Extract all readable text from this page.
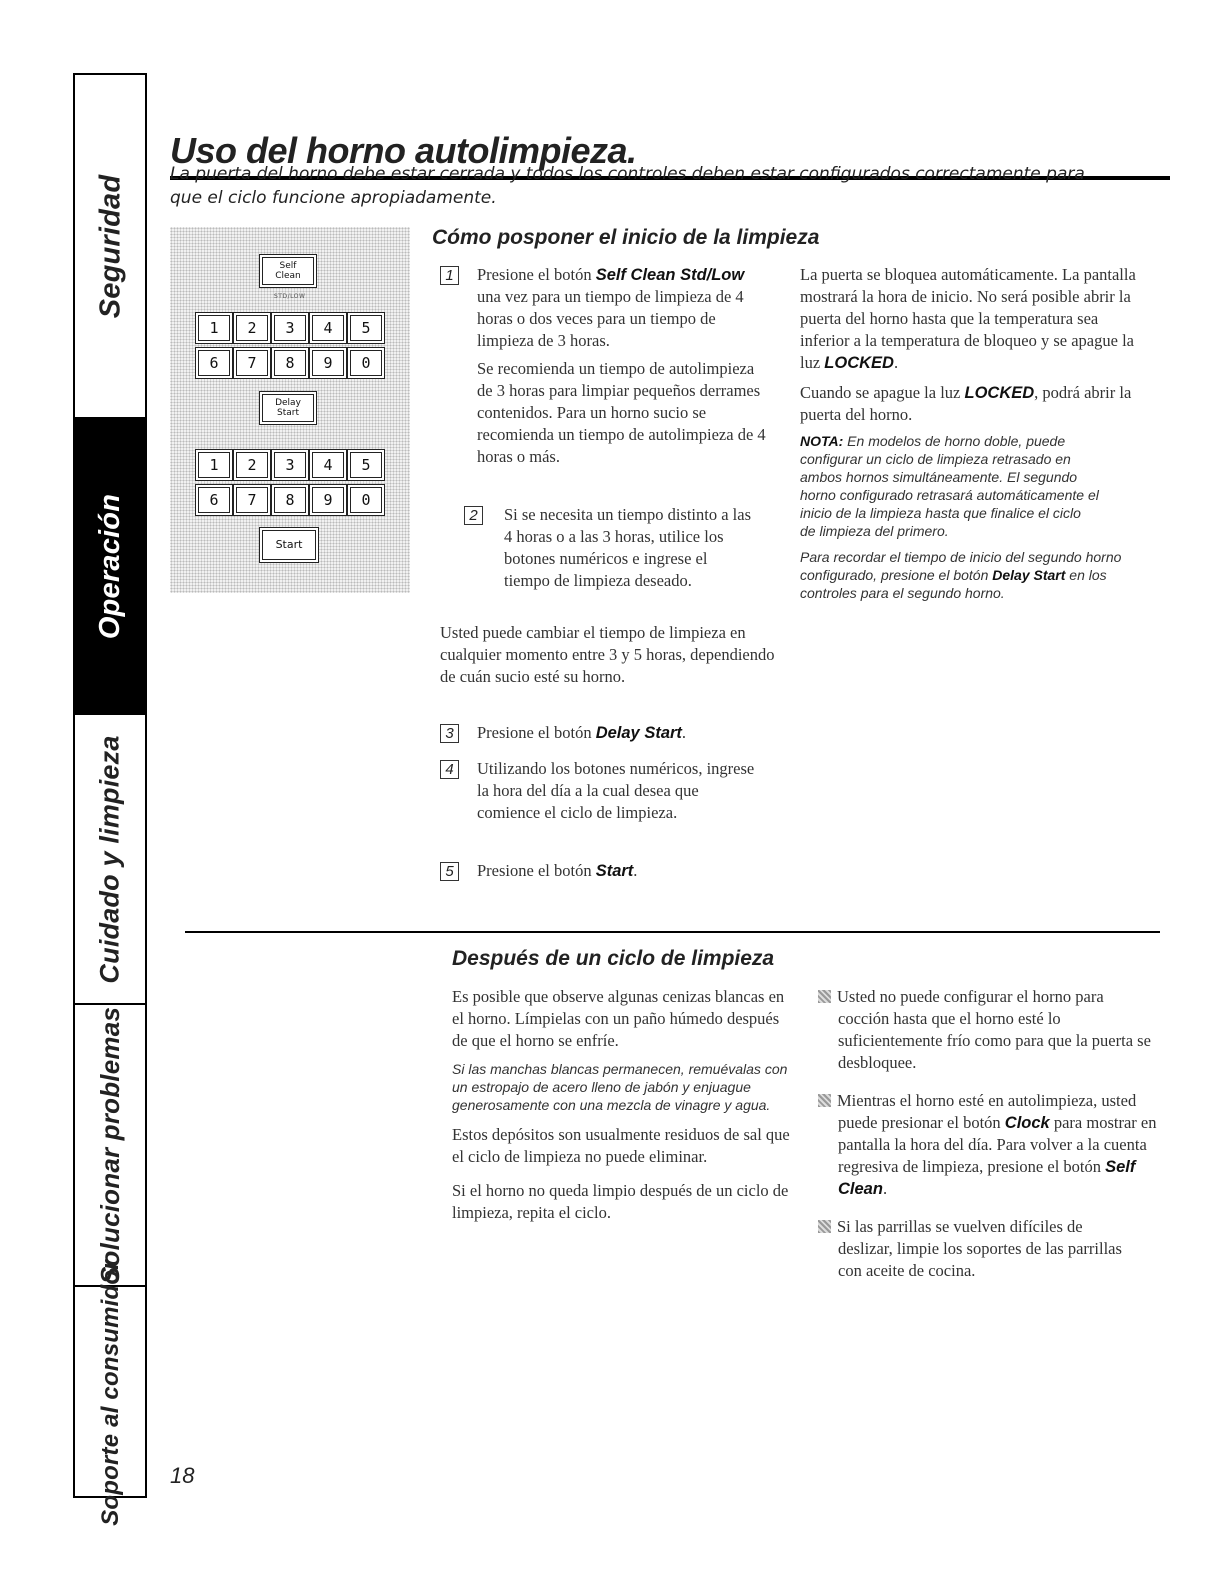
Seguridad
Operación
Cuidado y limpieza
Solucionar problemas
Soporte al consumidor
Uso del horno autolimpieza.
La puerta del horno debe estar cerrada y todos los controles deben estar configurados correctamente para que el ciclo funcione apropiadamente.
Self
Clean
STD/LOW
Delay
Start
Start
1	2	3	4	5
6	7	8	9	0
1	2	3	4	5
6	7	8	9	0
Cómo posponer el inicio de la limpieza
1	Presione el botón Self Clean Std/Low una vez para un tiempo de limpieza de 4 horas o dos veces para un tiempo de limpieza de 3 horas.

Se recomienda un tiempo de autolimpieza de 3 horas para limpiar pequeños derrames contenidos. Para un horno sucio se recomienda un tiempo de autolimpieza de 4 horas o más.

2	Si se necesita un tiempo distinto a las 4 horas o a las 3 horas, utilice los botones numéricos e ingrese el tiempo de limpieza deseado.

Usted puede cambiar el tiempo de limpieza en cualquier momento entre 3 y 5 horas, dependiendo de cuán sucio esté su horno.

3	Presione el botón Delay Start.

4	Utilizando los botones numéricos, ingrese la hora del día a la cual desea que comience el ciclo de limpieza.

5	Presione el botón Start.

La puerta se bloquea automáticamente. La pantalla mostrará la hora de inicio. No será posible abrir la puerta del horno hasta que la temperatura sea inferior a la temperatura de bloqueo y se apague la luz LOCKED.

Cuando se apague la luz LOCKED, podrá abrir la puerta del horno.

NOTA: En modelos de horno doble, puede configurar un ciclo de limpieza retrasado en ambos hornos simultáneamente. El segundo horno configurado retrasará automáticamente el inicio de la limpieza hasta que finalice el ciclo de limpieza del primero.

Para recordar el tiempo de inicio del segundo horno configurado, presione el botón Delay Start en los controles para el segundo horno.

Después de un ciclo de limpieza

Es posible que observe algunas cenizas blancas en el horno. Límpielas con un paño húmedo después de que el horno se enfríe.

Si las manchas blancas permanecen, remuévalas con un estropajo de acero lleno de jabón y enjuague generosamente con una mezcla de vinagre y agua.

Estos depósitos son usualmente residuos de sal que el ciclo de limpieza no puede eliminar.

Si el horno no queda limpio después de un ciclo de limpieza, repita el ciclo.

Usted no puede configurar el horno para cocción hasta que el horno esté lo suficientemente frío como para que la puerta se desbloquee.

Mientras el horno esté en autolimpieza, usted puede presionar el botón Clock para mostrar en pantalla la hora del día. Para volver a la cuenta regresiva de limpieza, presione el botón Self Clean.

Si las parrillas se vuelven difíciles de deslizar, limpie los soportes de las parrillas con aceite de cocina.

18
